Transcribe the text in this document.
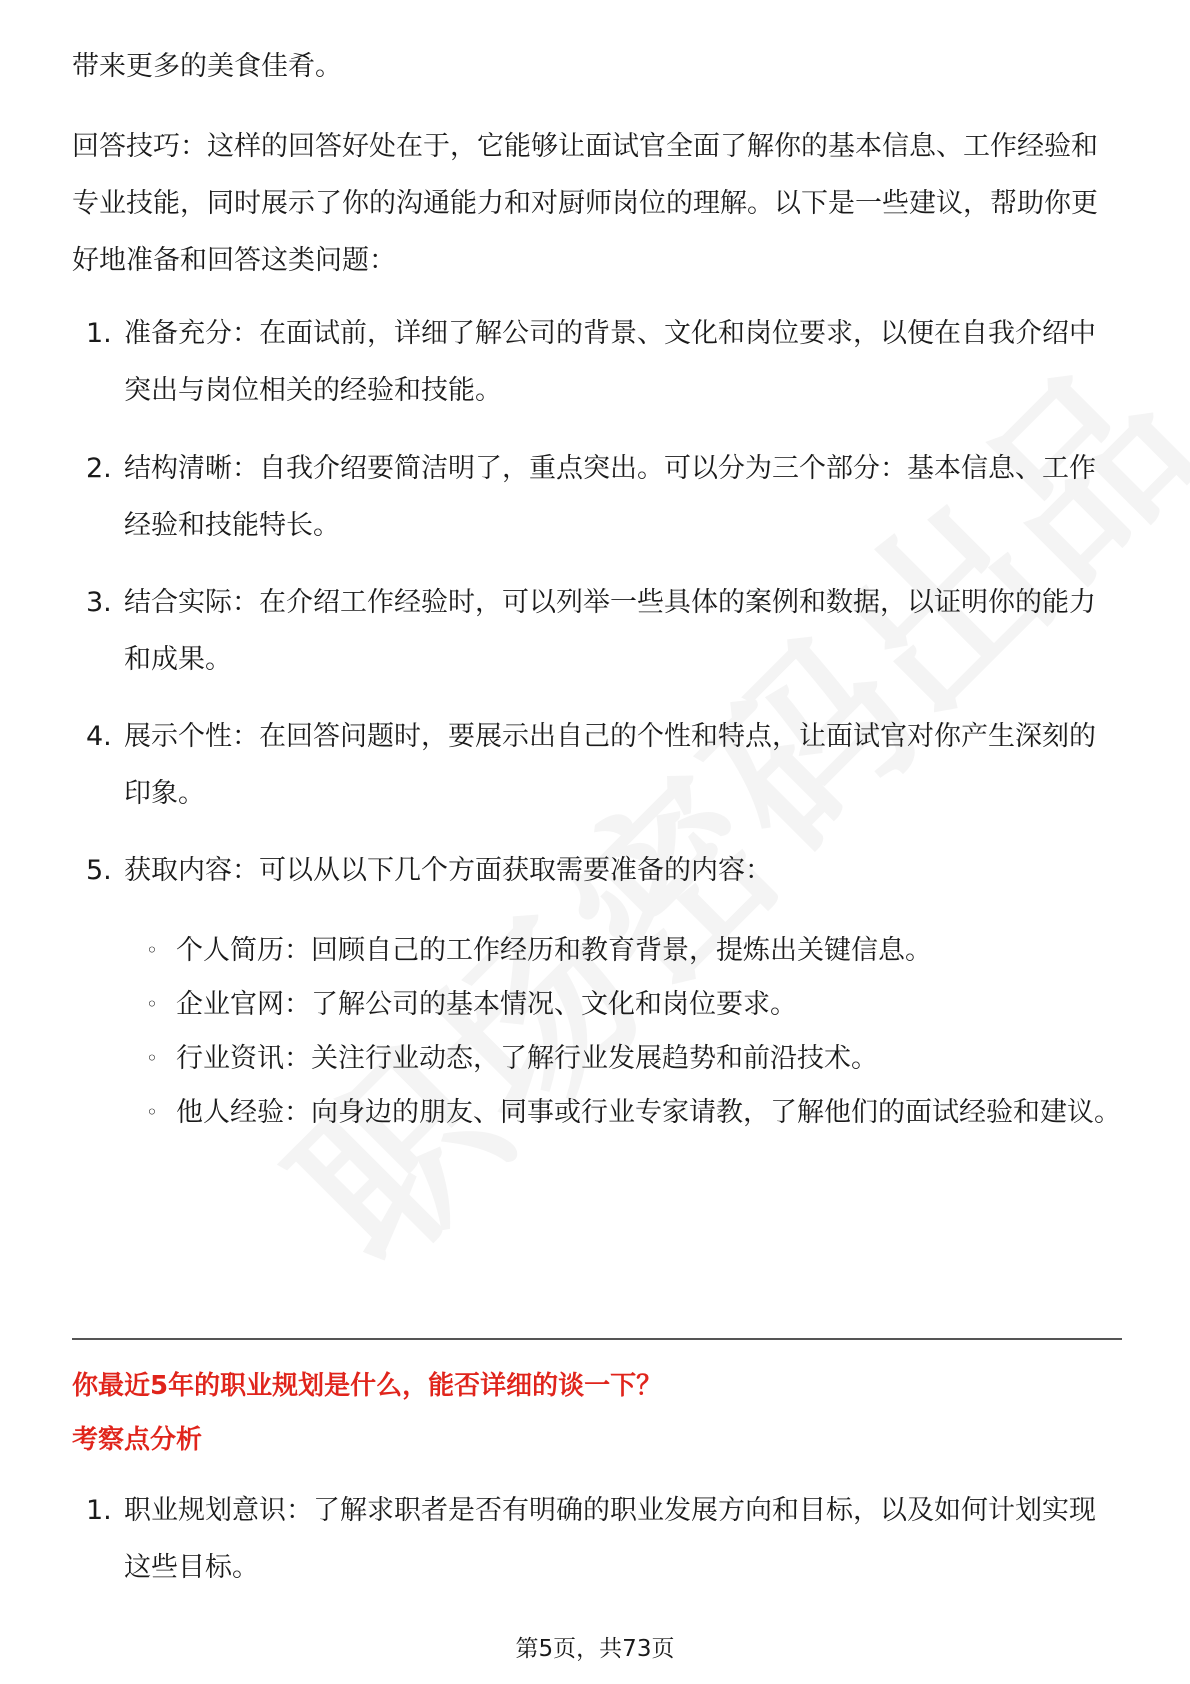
带来更多的美食佳肴。

回答技巧：这样的回答好处在于，它能够让面试官全面了解你的基本信息、工作经验和专业技能，同时展示了你的沟通能力和对厨师岗位的理解。以下是一些建议，帮助你更好地准备和回答这类问题：

1. 准备充分：在面试前，详细了解公司的背景、文化和岗位要求，以便在自我介绍中突出与岗位相关的经验和技能。
2. 结构清晰：自我介绍要简洁明了，重点突出。可以分为三个部分：基本信息、工作经验和技能特长。
3. 结合实际：在介绍工作经验时，可以列举一些具体的案例和数据，以证明你的能力和成果。
4. 展示个性：在回答问题时，要展示出自己的个性和特点，让面试官对你产生深刻的印象。
5. 获取内容：可以从以下几个方面获取需要准备的内容：
◦ 个人简历：回顾自己的工作经历和教育背景，提炼出关键信息。
◦ 企业官网：了解公司的基本情况、文化和岗位要求。
◦ 行业资讯：关注行业动态，了解行业发展趋势和前沿技术。
◦ 他人经验：向身边的朋友、同事或行业专家请教，了解他们的面试经验和建议。
你最近5年的职业规划是什么，能否详细的谈一下？
考察点分析
1. 职业规划意识：了解求职者是否有明确的职业发展方向和目标，以及如何计划实现这些目标。
第5页，共73页
